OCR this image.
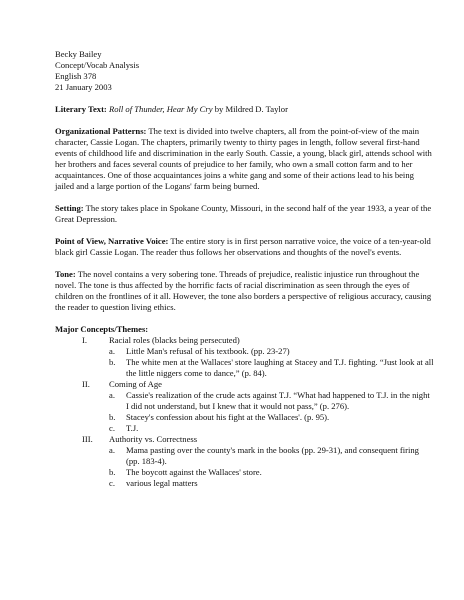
Becky Bailey

Concept/Vocab Analysis

English 378

21 January 2003

Literary Text: Roll of Thunder, Hear My Cry by Mildred D. Taylor

Organizational Patterns: The text is divided into twelve chapters, all from the point-of-view of the main character, Cassie Logan. The chapters, primarily twenty to thirty pages in length, follow several first-hand events of childhood life and discrimination in the early South. Cassie, a young, black girl, attends school with her brothers and faces several counts of prejudice to her family, who own a small cotton farm and to her acquaintances. One of those acquaintances joins a white gang and some of their actions lead to his being jailed and a large portion of the Logans' farm being burned.

Setting: The story takes place in Spokane County, Missouri, in the second half of the year 1933, a year of the Great Depression.

Point of View, Narrative Voice: The entire story is in first person narrative voice, the voice of a ten-year-old black girl Cassie Logan. The reader thus follows her observations and thoughts of the novel's events.

Tone: The novel contains a very sobering tone. Threads of prejudice, realistic injustice run throughout the novel. The tone is thus affected by the horrific facts of racial discrimination as seen through the eyes of children on the frontlines of it all. However, the tone also borders a perspective of religious accuracy, causing the reader to question living ethics.

Major Concepts/Themes:
I.	Racial roles (blacks being persecuted)
a. Little Man's refusal of his textbook. (pp. 23-27)
b. The white men at the Wallaces' store laughing at Stacey and T.J. fighting. “Just look at all the little niggers come to dance,” (p. 84).
II. Coming of Age
a. Cassie's realization of the crude acts against T.J. “What had happened to T.J. in the night I did not understand, but I knew that it would not pass,” (p. 276).
b. Stacey's confession about his fight at the Wallaces'. (p. 95).
c. T.J.
III. Authority vs. Correctness
a. Mama pasting over the county's mark in the books (pp. 29-31), and consequent firing (pp. 183-4).
b. The boycott against the Wallaces' store.
c. various legal matters
